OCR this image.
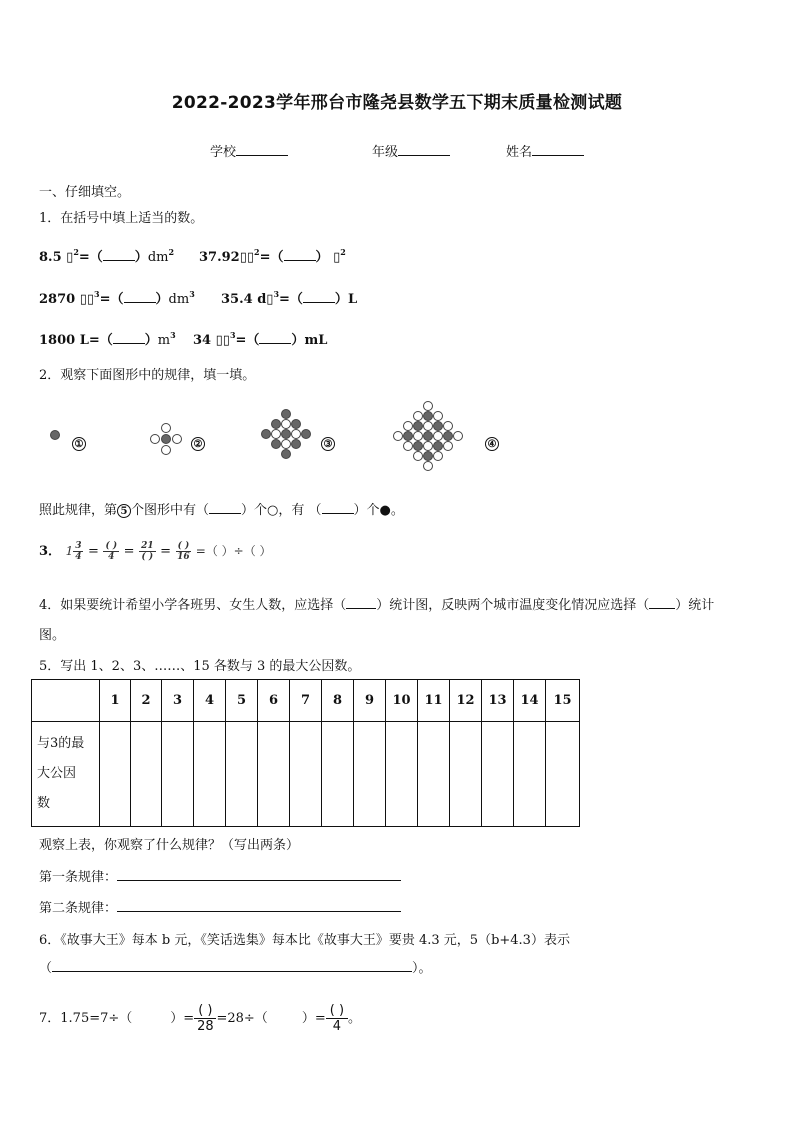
2022-2023学年邢台市隆尧县数学五下期末质量检测试题
学校	年级	姓名
一、仔细填空。
1．在括号中填上适当的数。
8.5 ▯$^2$=（ ）$dm^2$ 37.92▯▯$^2$=（ ） ▯$^2$
2870 ▯▯$^3$=（ ）$dm^3$ 35.4 d▯$^3$=（ ）L
1800 L=（ ）$m^3$ 34 ▯▯$^3$=（ ）mL
2．观察下面图形中的规律，填一填。
①	②	③	④
照此规律，第 5 个图形中有（ ）个○，有 （ ）个●。
3． $1 \frac{3}{4} = \frac{( )}{4} = \frac{21}{( )} = \frac{( )}{16}$ =（ ）÷（ ）
4．如果要统计希望小学各班男、女生人数，应选择（ ）统计图，反映两个城市温度变化情况应选择（ ）统计
图。
5．写出 1、2、3、……、15 各数与 3 的最大公因数。
	1	2	3	4	5	6	7	8	9	10	11	12	13	14	15

与3的最
大公因
数															

观察上表，你观察了什么规律？（写出两条）
第一条规律：
第二条规律：
6．《故事大王》每本 b 元，《笑话选集》每本比《故事大王》要贵 4.3 元，5（b+4.3）表示
（	）。
7．1.75=7÷（	）=
( )
28
=28÷（	）=
( )
4
。
